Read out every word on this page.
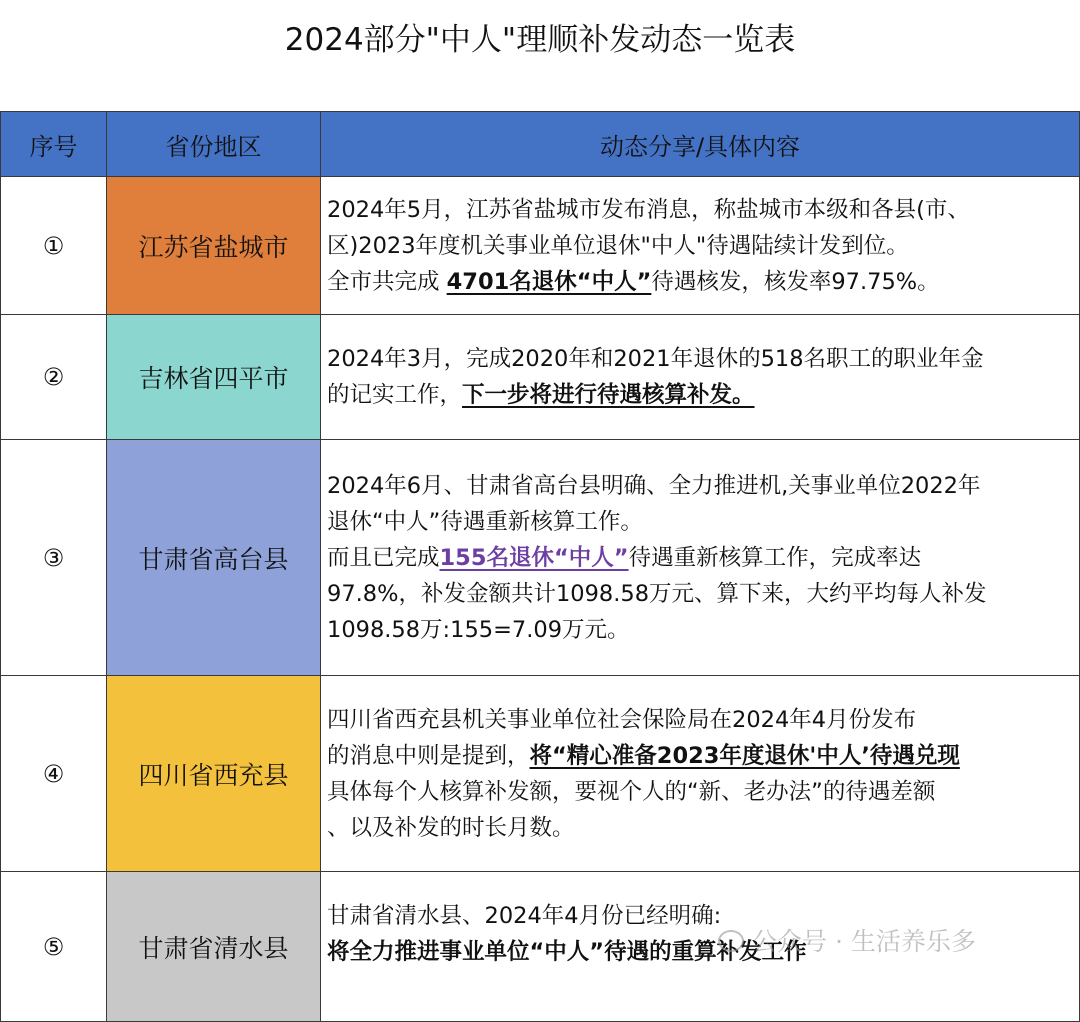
2024部分"中人"理顺补发动态一览表
序号	省份地区	动态分享/具体内容
①	江苏省盐城市	2024年5月，江苏省盐城市发布消息，称盐城市本级和各县(市、
区)2023年度机关事业单位退休"中人"待遇陆续计发到位。
全市共完成 4701名退休“中人”待遇核发，核发率97.75%。

②	吉林省四平市	2024年3月，完成2020年和2021年退休的518名职工的职业年金
的记实工作，下一步将进行待遇核算补发。

③	甘肃省高台县	2024年6月、甘肃省高台县明确、全力推进机,关事业单位2022年
退休“中人”待遇重新核算工作。
而且已完成155名退休“中人”待遇重新核算工作，完成率达
97.8%，补发金额共计1098.58万元、算下来，大约平均每人补发
1098.58万:155=7.09万元。

④	四川省西充县	四川省西充县机关事业单位社会保险局在2024年4月份发布
的消息中则是提到，将“精心准备2023年度退休'中人’待遇兑现
具体每个人核算补发额，要视个人的“新、老办法”的待遇差额
、以及补发的时长月数。

⑤	甘肃省清水县	甘肃省清水县、2024年4月份已经明确:
将全力推进事业单位“中人”待遇的重算补发工作
公众号 · 生活养乐多
